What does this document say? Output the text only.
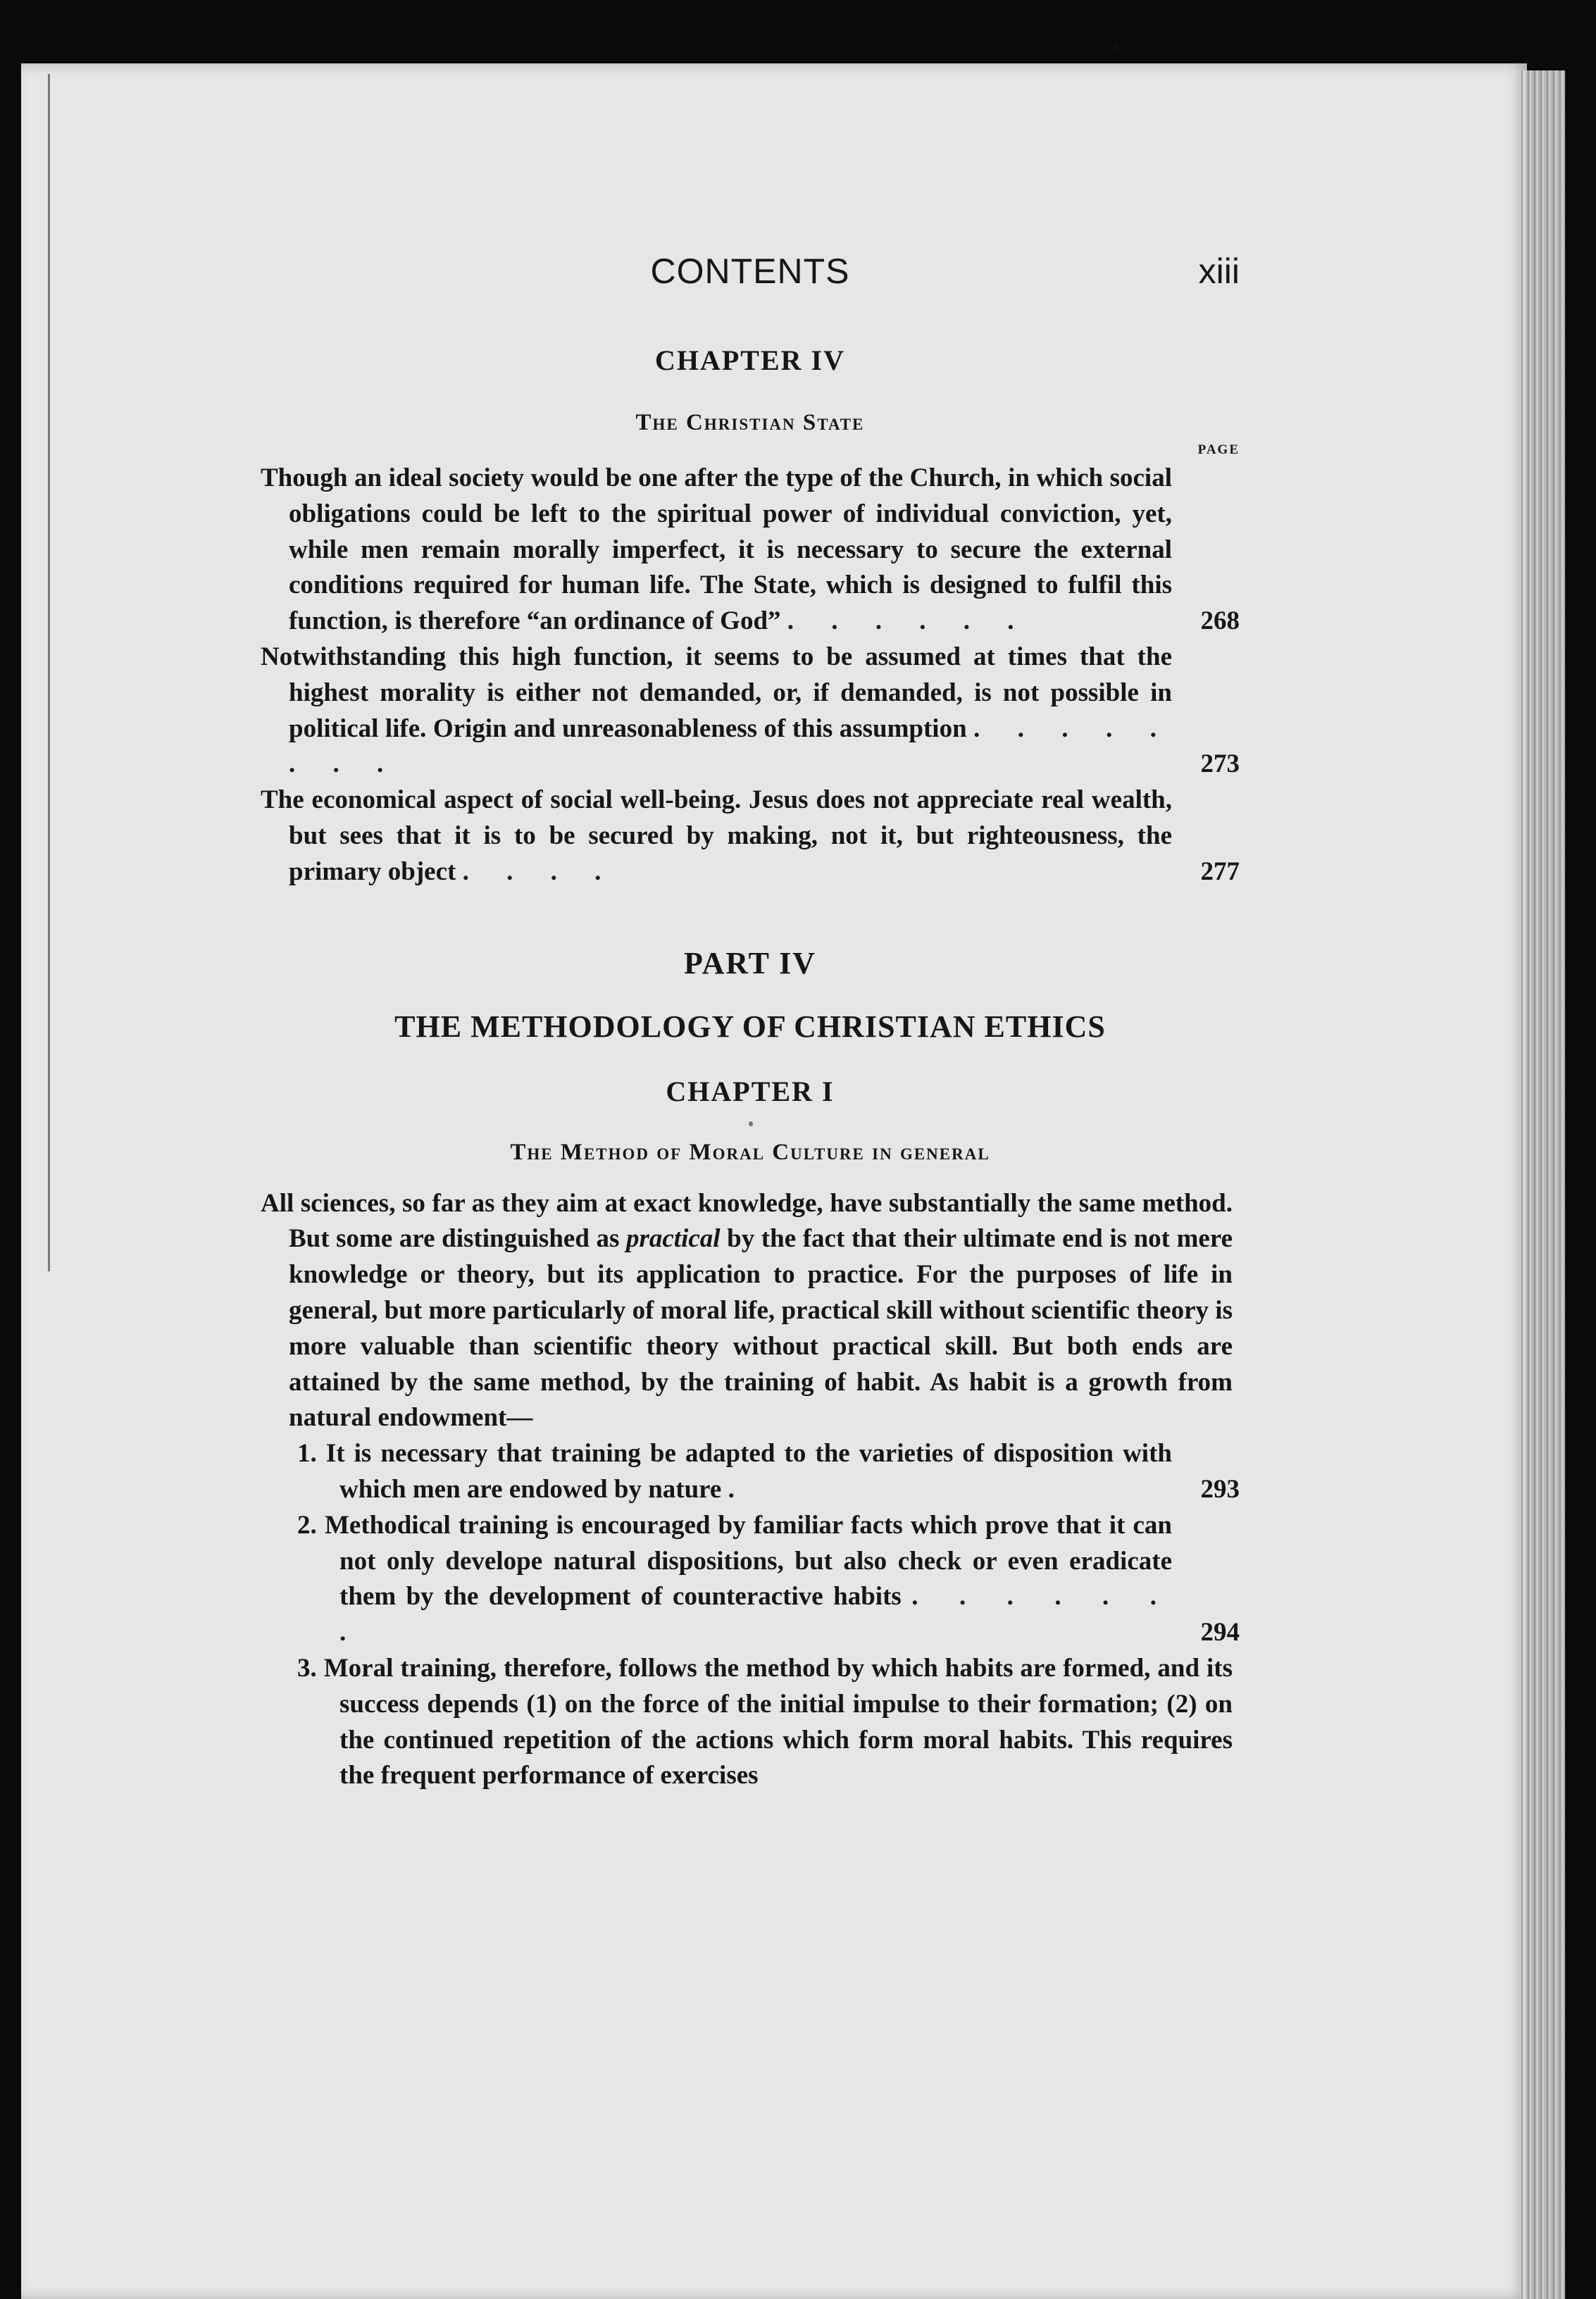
CONTENTS	xiii
CHAPTER IV
The Christian State
PAGE
Though an ideal society would be one after the type of the Church, in which social obligations could be left to the spiritual power of individual conviction, yet, while men remain morally imperfect, it is necessary to secure the external conditions required for human life. The State, which is designed to fulfil this function, is therefore “an ordinance of God” . . . . . .	268
Notwithstanding this high function, it seems to be assumed at times that the highest morality is either not demanded, or, if demanded, is not possible in political life. Origin and unreasonableness of this assumption . . . . . . . .	273
The economical aspect of social well-being. Jesus does not appreciate real wealth, but sees that it is to be secured by making, not it, but righteousness, the primary object . . . .	277
PART IV
THE METHODOLOGY OF CHRISTIAN ETHICS
CHAPTER I
The Method of Moral Culture in general
All sciences, so far as they aim at exact knowledge, have substantially the same method. But some are distinguished as practical by the fact that their ultimate end is not mere knowledge or theory, but its application to practice. For the purposes of life in general, but more particularly of moral life, practical skill without scientific theory is more valuable than scientific theory without practical skill. But both ends are attained by the same method, by the training of habit. As habit is a growth from natural endowment—
1. It is necessary that training be adapted to the varieties of disposition with which men are endowed by nature .	293
2. Methodical training is encouraged by familiar facts which prove that it can not only develope natural dispositions, but also check or even eradicate them by the development of counteractive habits . . . . . . .	294
3. Moral training, therefore, follows the method by which habits are formed, and its success depends (1) on the force of the initial impulse to their formation; (2) on the continued repetition of the actions which form moral habits. This requires the frequent performance of exercises
